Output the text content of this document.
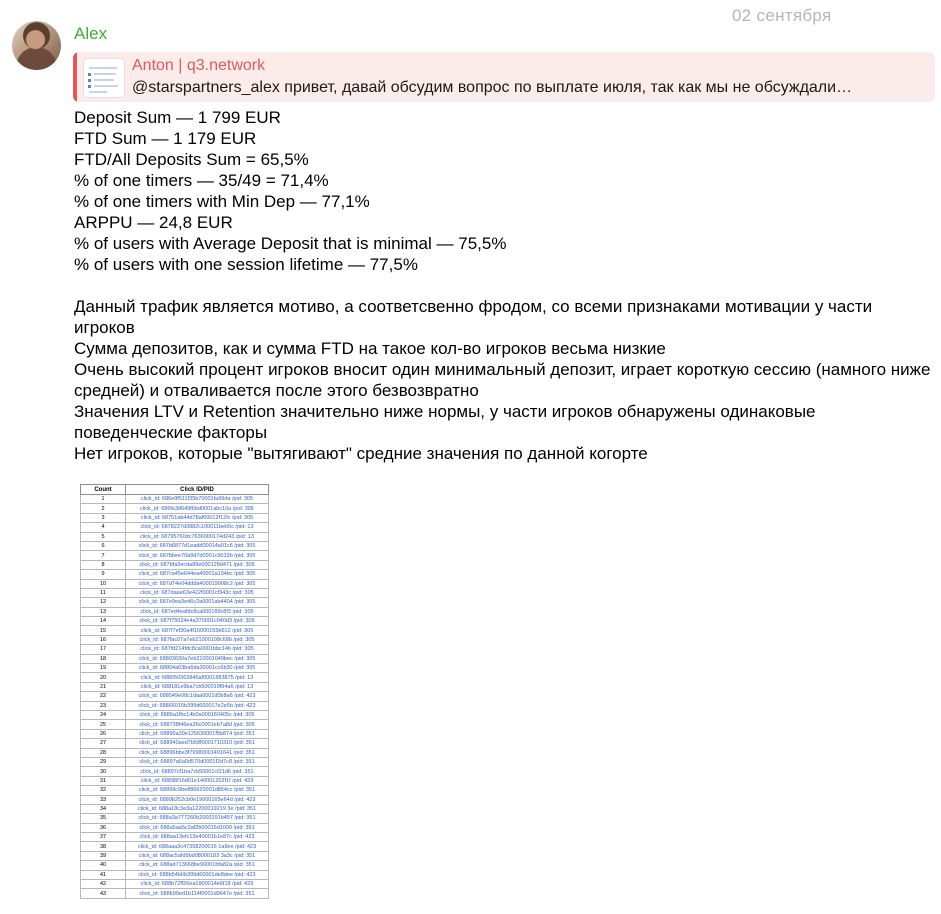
02 сентября
Alex
Anton | q3.network
@starspartners_alex привет, давай обсудим вопрос по выплате июля, так как мы не обсуждали…

Deposit Sum — 1 799 EUR

FTD Sum — 1 179 EUR

FTD/All Deposits Sum = 65,5%

% of one timers — 35/49 = 71,4%

% of one timers with Min Dep — 77,1%

ARPPU — 24,8 EUR

% of users with Average Deposit that is minimal — 75,5%

% of users with one session lifetime — 77,5%

Данный трафик является мотиво, а соответсвенно фродом, со всеми признаками мотивации у части игроков

Сумма депозитов, как и сумма FTD на такое кол-во игроков весьма низкие

Очень высокий процент игроков вносит один минимальный депозит, играет короткую сессию (намного ниже средней) и отваливается после этого безвозвратно

Значения LTV и Retention значительно ниже нормы, у части игроков обнаружены одинаковые поведенческие факторы

Нет игроков, которые "вытягивают" средние значения по данной когорте

Count	Click ID/PID
1	click_id: 686e9f511f35b70001fa99da /pid: 305
2	click_id: 686fe3d649f6bd0001abc10a /pid: 305
3	click_id: 68751ab44d78af00012f12fc /pid: 305
4	click_id: 6878227d3882c100011beb5c /pid: 13
5	click_id: 68795760dc7636000174d243 /pid: 13
6	click_id: 687b8877d1eadd00014a91c6 /pid: 305
7	click_id: 687bbee70a9d7d0001c9032b /pid: 305
8	click_id: 687bfa3ecda89e000128d471 /pid: 305
9	click_id: 687ca45e644ea40001a104bc /pid: 305
10	click_id: 687d74e04ddda400019008c2 /pid: 305
11	click_id: 687daae63e422f0001cf343c /pid: 305
12	click_id: 687e9ea3ed6c2a0001ab4404 /pid: 305
13	click_id: 687ed4eafdc8ca000189c8f3 /pid: 305
14	click_id: 687f75024e4a370001c040d3 /pid: 305
15	click_id: 687f7ef30a4f15000155b612 /pid: 305
16	click_id: 687fac07a7eb21000108c68b /pid: 305
17	click_id: 687fd214fdc8ca0001bbc14b /pid: 305
18	click_id: 68803630a7eb210001049bec /pid: 305
19	click_id: 68804a03ba6da30001cc6b30 /pid: 305
20	click_id: 688050363846af0001883875 /pid: 13
21	click_id: 688181e9ba7cb500019f94a6 /pid: 13
22	click_id: 688549e08c1daa0001d0b8a6 /pid: 423
23	click_id: 68866015b399d600017e2e5b /pid: 423
24	click_id: 6886a1fbc14b0a000160405c /pid: 305
25	click_id: 688738f46ea36c0001eb7a8d /pid: 305
26	click_id: 68890a30e125630001f5b874 /pid: 351
27	click_id: 688940aed7b58f0001710310 /pid: 351
28	click_id: 68896bbe3f79980001491641 /pid: 351
29	click_id: 68897a6a0d570d0001f2d7c8 /pid: 351
30	click_id: 68897cf1ba7cb50001cf21d6 /pid: 351
31	click_id: 68898f16d01e140001202f1f /pid: 423
32	click_id: 68899c9be886620001d854cc /pid: 351
33	click_id: 6889b252cb0e19000165e64d /pid: 423
34	click_id: 688a18c3e3a12200019219 3e /pid: 351
35	click_id: 688a3a777260b2000191b457 /pid: 351
36	click_id: 688a5aa5c2af2b00015d1000 /pid: 351
37	click_id: 688aa13efc13e40001b1e87c /pid: 423
38	click_id: 688aaa3c47358200016 1a9ee /pid: 423
39	click_id: 688ac5afd9bd08000183 3a3c /pid: 351
40	click_id: 688ad713668be90001bfa82a /pid: 351
41	click_id: 688b54b6b399d60001de8dee /pid: 423
42	click_id: 688b72ff26ea1900014e6f18 /pid: 423
43	click_id: 688b90ed1b114f0001d9647e /pid: 351
